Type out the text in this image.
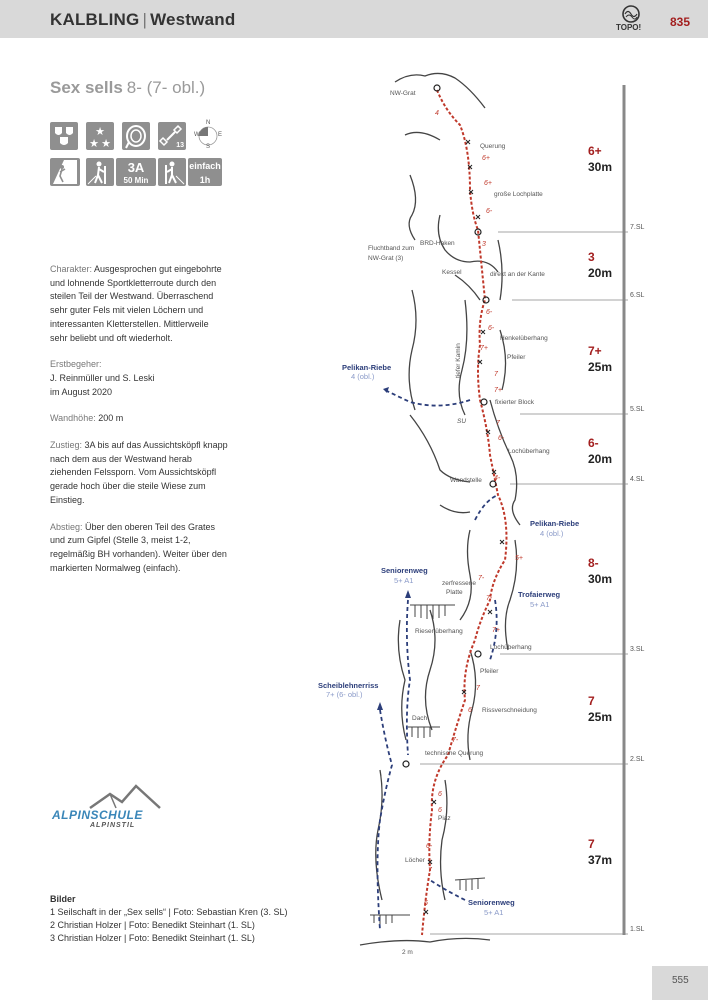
KALBLING | Westwand	TOPO! 835
Sex sells 8- (7- obl.)
★
★ ★	13
N
W	E
S
3A
50 Min
einfach
1h

Charakter: Ausgesprochen gut eingebohrte und lohnende Sportkletterroute durch den steilen Teil der Westwand. Überraschend sehr guter Fels mit vielen Löchern und interessanten Kletterstellen. Mittlerweile sehr beliebt und oft wiederholt.

Erstbegeher:
J. Reinmüller und S. Leski
im August 2020

Wandhöhe: 200 m

Zustieg: 3A bis auf das Aussichtsköpfl knapp nach dem aus der Westwand herab ziehenden Felssporn. Vom Aussichtsköpfl gerade hoch über die steile Wiese zum Einstieg.

Abstieg: Über den oberen Teil des Grates und zum Gipfel (Stelle 3, meist 1-2, regelmäßig BH vorhanden). Weiter über den markierten Normalweg (einfach).

ALPINSCHULE
ALPINSTIL
Bilder
1 Seilschaft in der „Sex sells“ | Foto: Sebastian Kren (3. SL)
2 Christian Holzer | Foto: Benedikt Steinhart (1. SL)
3 Christian Holzer | Foto: Benedikt Steinhart (1. SL)
7.SL
6.SL
5.SL
4.SL
3.SL
2.SL
1.SL
6+
30m
3
20m
7+
25m
6-
20m
8-
30m
7
25m
7
37m
4
6+
6+
6-
3
6-
6-
7+
7
7+
7
6-
4-
5+
7-
7-
7+
7
6
7-
6
6
6-
7
6
NW-Grat
Querung
große Lochplatte
Fluchtband zum
NW-Grat (3)
BRD-Haken
Kessel	direkt an der Kante
Henkelüberhang
Pfeiler
tiefer Kamin
fixierter Block
SU
Lochüberhang
Wandstelle
zerfressene
Platte
Riesenüberhang
Lochüberhang
Pfeiler
Rissverschneidung
Dach
technische Querung
Piaz
Löcher
2 m
Pelikan-Riebe
4 (obl.)
Pelikan-Riebe
4 (obl.)
Seniorenweg
5+ A1
Trofaierweg
5+ A1
Scheiblehnerriss
7+ (6- obl.)
Seniorenweg
5+ A1
555
